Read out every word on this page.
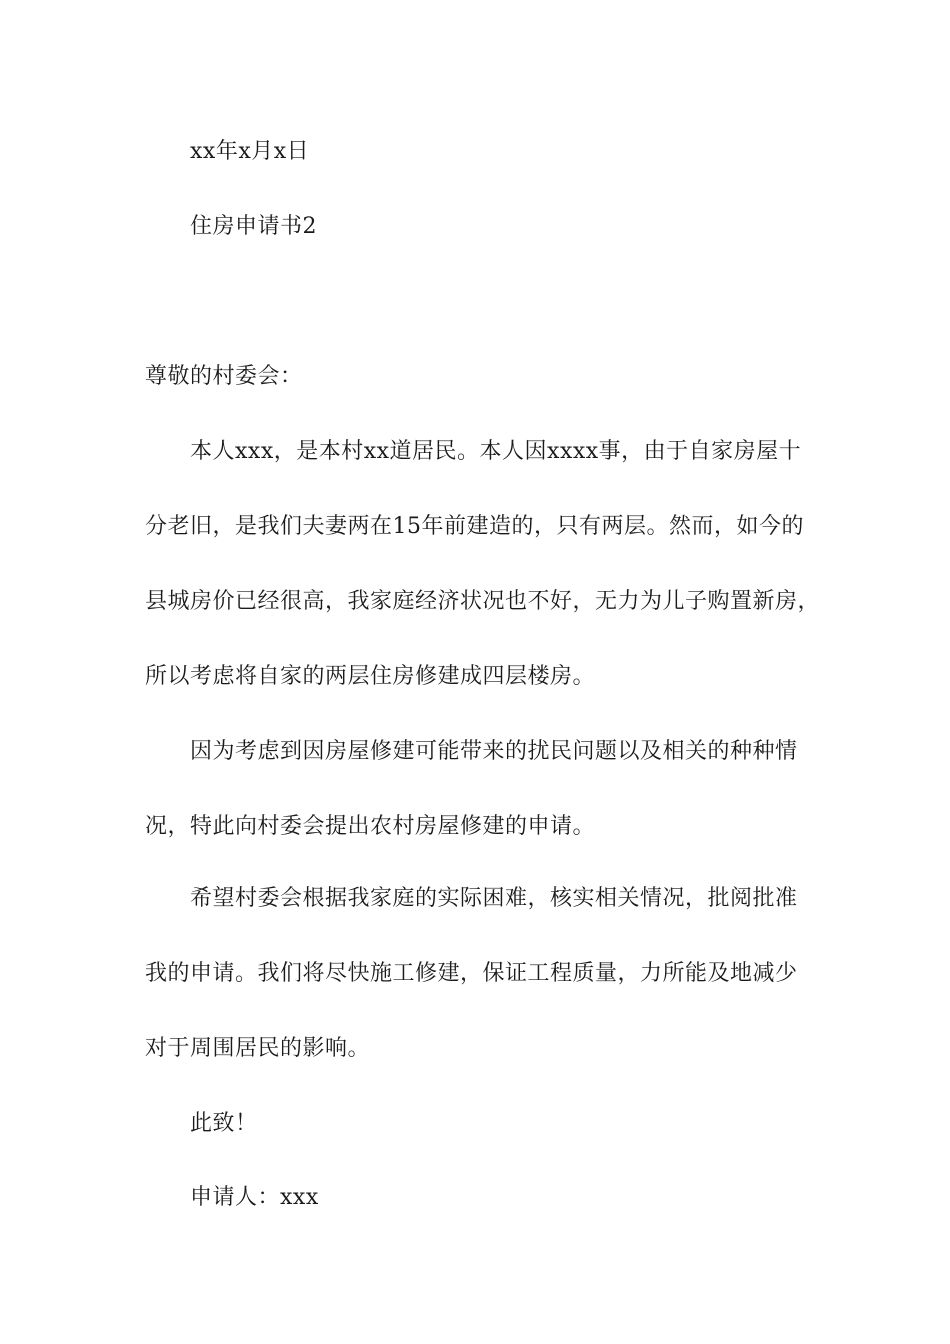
xx年x月x日
住房申请书2
尊敬的村委会：
本人xxx，是本村xx道居民。本人因xxxx事，由于自家房屋十
分老旧，是我们夫妻两在15年前建造的，只有两层。然而，如今的
县城房价已经很高，我家庭经济状况也不好，无力为儿子购置新房，
所以考虑将自家的两层住房修建成四层楼房。
因为考虑到因房屋修建可能带来的扰民问题以及相关的种种情
况，特此向村委会提出农村房屋修建的申请。
希望村委会根据我家庭的实际困难，核实相关情况，批阅批准
我的申请。我们将尽快施工修建，保证工程质量，力所能及地减少
对于周围居民的影响。
此致！
申请人：xxx
